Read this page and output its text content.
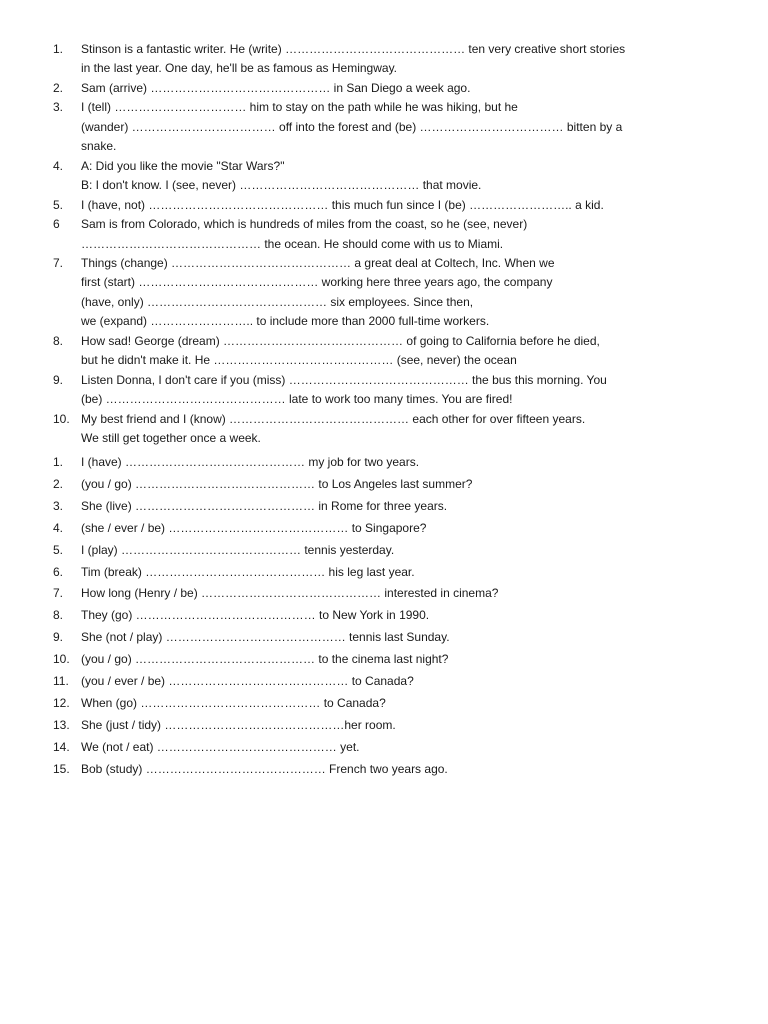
1. Stinson is a fantastic writer. He (write) ……………………………………… ten very creative short stories
in the last year. One day, he'll be as famous as Hemingway.
2. Sam (arrive) ……………………………………… in San Diego a week ago.
3. I (tell) …………………………… him to stay on the path while he was hiking, but he
(wander) ……………………………… off into the forest and (be) ……………………………… bitten by a
snake.
4. A: Did you like the movie "Star Wars?"
B: I don't know. I (see, never) ……………………………………… that movie.
5. I (have, not) ……………………………………… this much fun since I (be) …………………….. a kid.
6 Sam is from Colorado, which is hundreds of miles from the coast, so he (see, never)
……………………………………… the ocean. He should come with us to Miami.
7. Things (change) ……………………………………… a great deal at Coltech, Inc. When we
first (start) ……………………………………… working here three years ago, the company
(have, only) ……………………………………… six employees. Since then,
we (expand) …………………….. to include more than 2000 full-time workers.
8. How sad! George (dream) ……………………………………… of going to California before he died,
but he didn't make it. He ……………………………………… (see, never) the ocean
9. Listen Donna, I don't care if you (miss) ……………………………………… the bus this morning. You
(be) ……………………………………… late to work too many times. You are fired!
10. My best friend and I (know) ……………………………………… each other for over fifteen years.
We still get together once a week.
1. I (have) ……………………………………… my job for two years.
2. (you / go) ……………………………………… to Los Angeles last summer?
3. She (live) ……………………………………… in Rome for three years.
4. (she / ever / be) ……………………………………… to Singapore?
5. I (play) ……………………………………… tennis yesterday.
6. Tim (break) ……………………………………… his leg last year.
7. How long (Henry / be) ……………………………………… interested in cinema?
8. They (go) ……………………………………… to New York in 1990.
9. She (not / play) ……………………………………… tennis last Sunday.
10. (you / go) ……………………………………… to the cinema last night?
11. (you / ever / be) ……………………………………… to Canada?
12. When (go) ……………………………………… to Canada?
13. She (just / tidy) ………………………………………her room.
14. We (not / eat) ……………………………………… yet.
15. Bob (study) ……………………………………… French two years ago.
